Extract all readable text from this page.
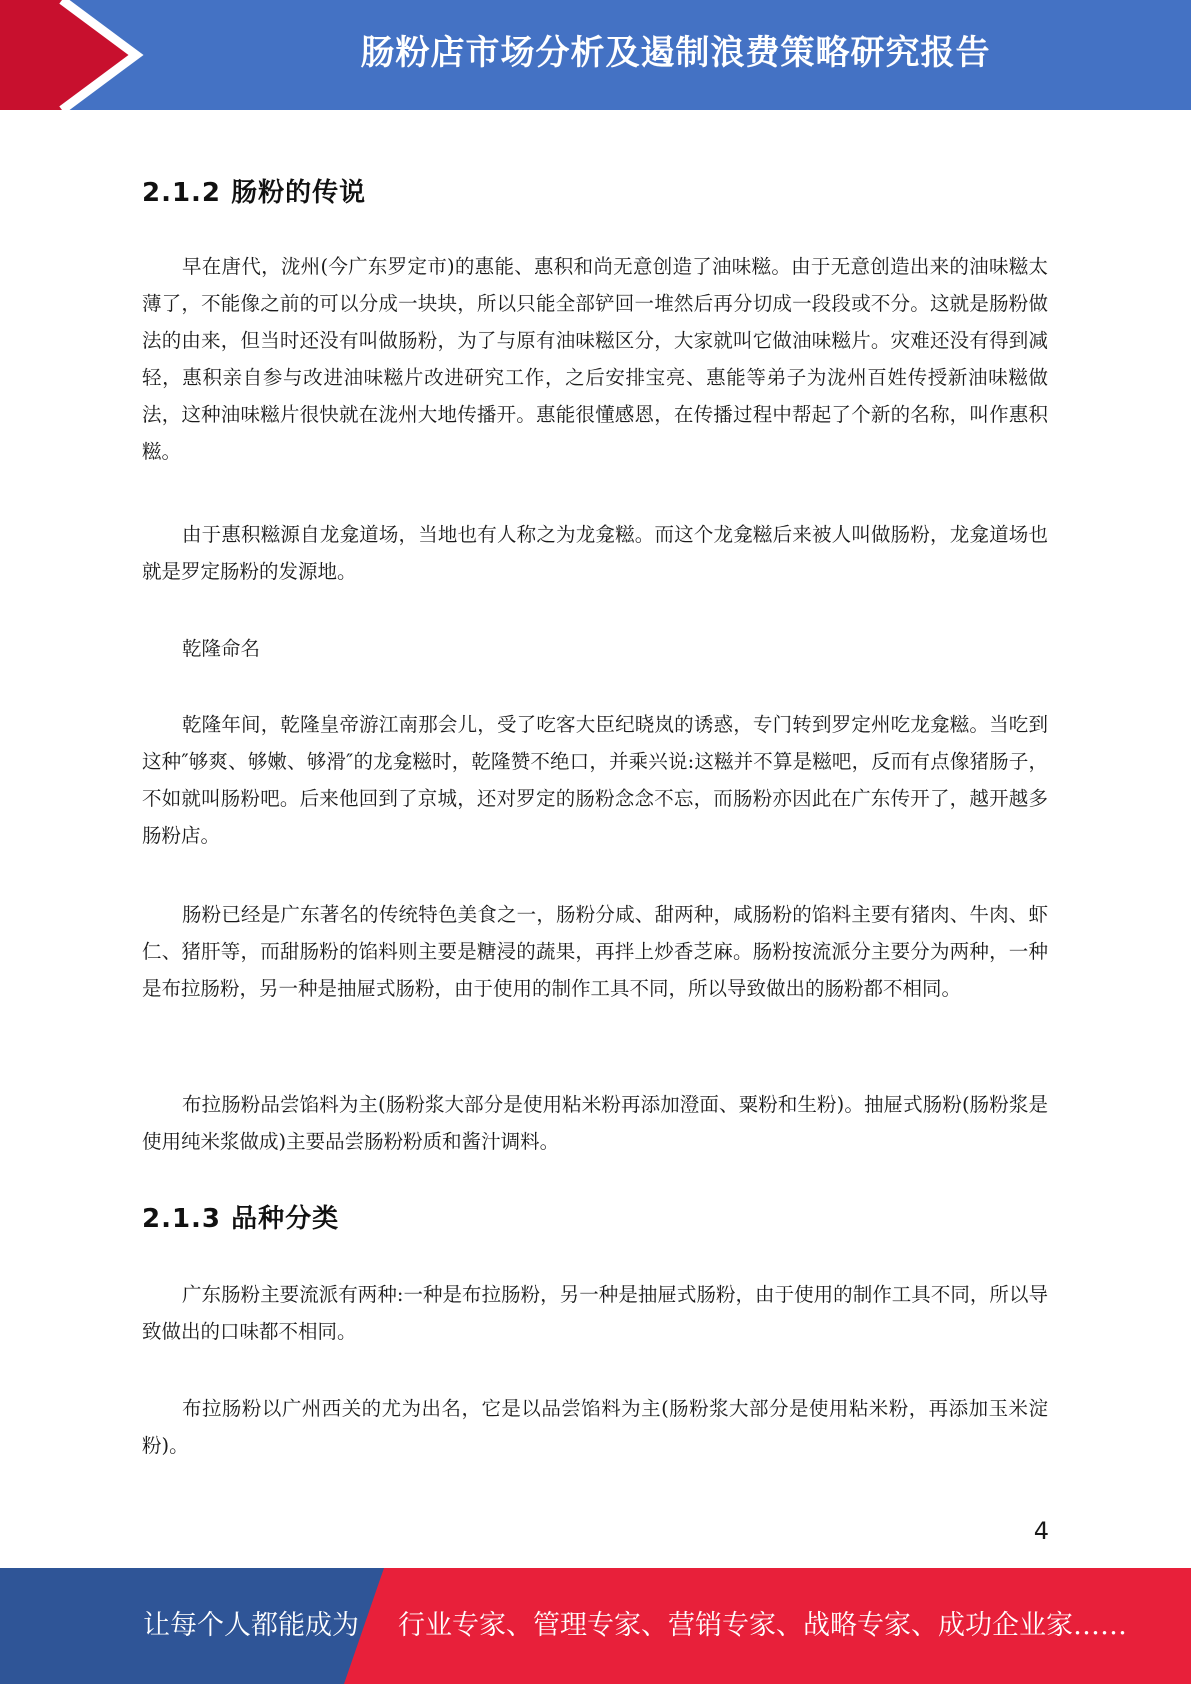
肠粉店市场分析及遏制浪费策略研究报告
2.1.2 肠粉的传说

早在唐代，泷州(今广东罗定市)的惠能、惠积和尚无意创造了油味糍。由于无意创造出来的油味糍太薄了，不能像之前的可以分成一块块，所以只能全部铲回一堆然后再分切成一段段或不分。这就是肠粉做法的由来，但当时还没有叫做肠粉，为了与原有油味糍区分，大家就叫它做油味糍片。灾难还没有得到减轻，惠积亲自参与改进油味糍片改进研究工作，之后安排宝亮、惠能等弟子为泷州百姓传授新油味糍做法，这种油味糍片很快就在泷州大地传播开。惠能很懂感恩，在传播过程中帮起了个新的名称，叫作惠积糍。

由于惠积糍源自龙龛道场，当地也有人称之为龙龛糍。而这个龙龛糍后来被人叫做肠粉，龙龛道场也就是罗定肠粉的发源地。

乾隆命名

乾隆年间，乾隆皇帝游江南那会儿，受了吃客大臣纪晓岚的诱惑，专门转到罗定州吃龙龛糍。当吃到这种″够爽、够嫩、够滑″的龙龛糍时，乾隆赞不绝口，并乘兴说:这糍并不算是糍吧，反而有点像猪肠子，不如就叫肠粉吧。后来他回到了京城，还对罗定的肠粉念念不忘，而肠粉亦因此在广东传开了，越开越多肠粉店。

肠粉已经是广东著名的传统特色美食之一，肠粉分咸、甜两种，咸肠粉的馅料主要有猪肉、牛肉、虾仁、猪肝等，而甜肠粉的馅料则主要是糖浸的蔬果，再拌上炒香芝麻。肠粉按流派分主要分为两种，一种是布拉肠粉，另一种是抽屉式肠粉，由于使用的制作工具不同，所以导致做出的肠粉都不相同。

布拉肠粉品尝馅料为主(肠粉浆大部分是使用粘米粉再添加澄面、粟粉和生粉)。抽屉式肠粉(肠粉浆是使用纯米浆做成)主要品尝肠粉粉质和酱汁调料。

2.1.3 品种分类

广东肠粉主要流派有两种:一种是布拉肠粉，另一种是抽屉式肠粉，由于使用的制作工具不同，所以导致做出的口味都不相同。

布拉肠粉以广州西关的尤为出名，它是以品尝馅料为主(肠粉浆大部分是使用粘米粉，再添加玉米淀粉)。

4
让每个人都能成为 行业专家、管理专家、营销专家、战略专家、成功企业家……
